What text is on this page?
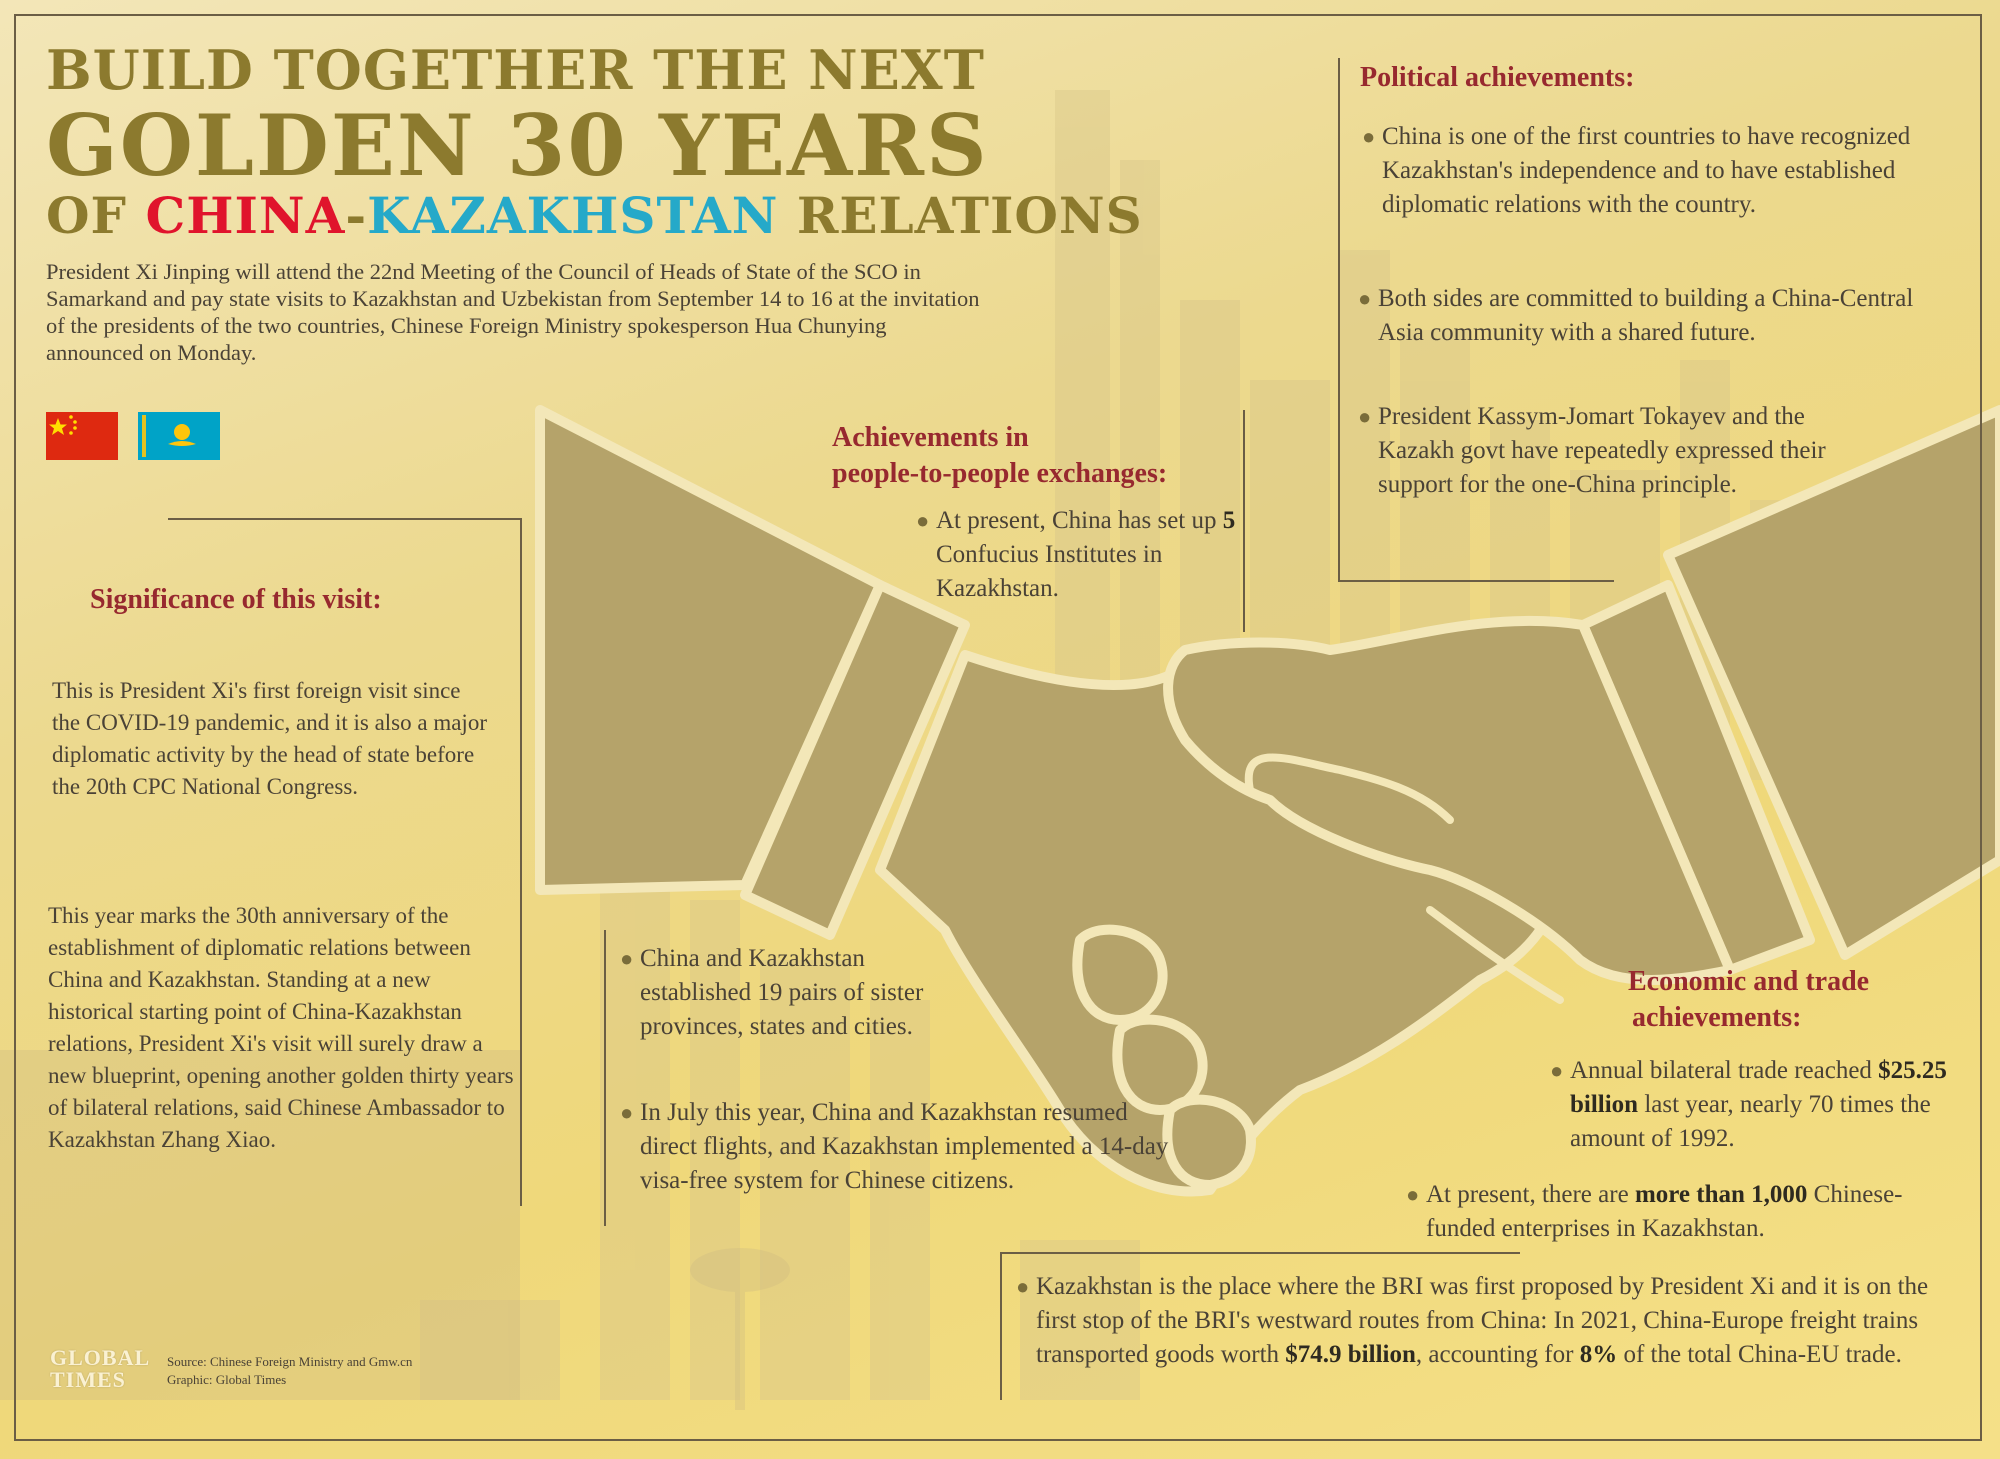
BUILD TOGETHER THE NEXT
GOLDEN 30 YEARS
OF CHINA-KAZAKHSTAN RELATIONS
President Xi Jinping will attend the 22nd Meeting of the Council of Heads of State of the SCO in Samarkand and pay state visits to Kazakhstan and Uzbekistan from September 14 to 16 at the invitation of the presidents of the two countries, Chinese Foreign Ministry spokesperson Hua Chunying announced on Monday.
Significance of this visit:
This is President Xi's first foreign visit since the COVID-19 pandemic, and it is also a major diplomatic activity by the head of state before the 20th CPC National Congress.
This year marks the 30th anniversary of the establishment of diplomatic relations between China and Kazakhstan. Standing at a new historical starting point of China-Kazakhstan relations, President Xi's visit will surely draw a new blueprint, opening another golden thirty years of bilateral relations, said Chinese Ambassador to Kazakhstan Zhang Xiao.
Achievements in
people-to-people exchanges:
● At present, China has set up 5 Confucius Institutes in Kazakhstan.
● China and Kazakhstan established 19 pairs of sister provinces, states and cities.
● In July this year, China and Kazakhstan resumed direct flights, and Kazakhstan implemented a 14-day visa-free system for Chinese citizens.
Political achievements:
● China is one of the first countries to have recognized Kazakhstan's independence and to have established diplomatic relations with the country.
● Both sides are committed to building a China-Central Asia community with a shared future.
● President Kassym-Jomart Tokayev and the Kazakh govt have repeatedly expressed their support for the one-China principle.
Economic and trade
achievements:
● Annual bilateral trade reached $25.25 billion last year, nearly 70 times the amount of 1992.
● At present, there are more than 1,000 Chinese-funded enterprises in Kazakhstan.
● Kazakhstan is the place where the BRI was first proposed by President Xi and it is on the first stop of the BRI's westward routes from China: In 2021, China-Europe freight trains transported goods worth $74.9 billion, accounting for 8% of the total China-EU trade.
GLOBAL
TIMES
Source: Chinese Foreign Ministry and Gmw.cn
Graphic: Global Times
